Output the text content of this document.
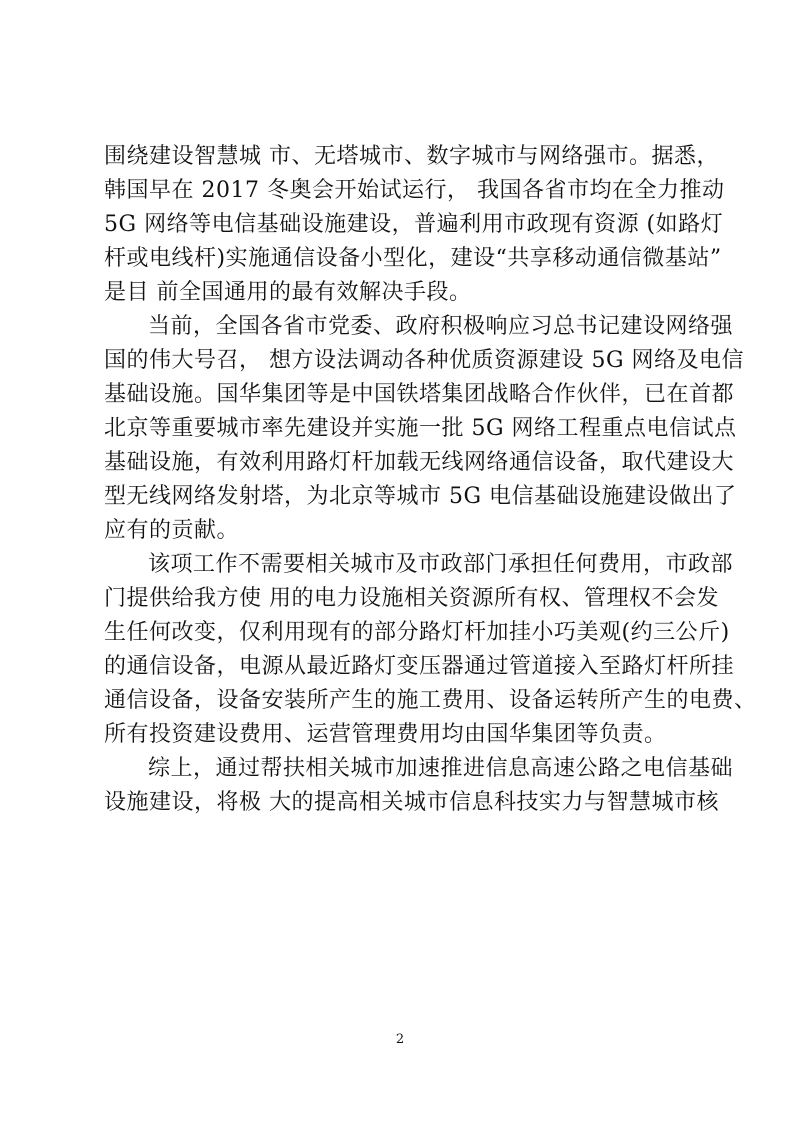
围绕建设智慧城 市、无塔城市、数字城市与网络强市。据悉，
韩国早在 2017 冬奥会开始试运行， 我国各省市均在全力推动
5G 网络等电信基础设施建设，普遍利用市政现有资源 (如路灯
杆或电线杆)实施通信设备小型化，建设“共享移动通信微基站”
是目 前全国通用的最有效解决手段。
当前，全国各省市党委、政府积极响应习总书记建设网络强
国的伟大号召， 想方设法调动各种优质资源建设 5G 网络及电信
基础设施。国华集团等是中国铁塔集团战略合作伙伴，已在首都
北京等重要城市率先建设并实施一批 5G 网络工程重点电信试点
基础设施，有效利用路灯杆加载无线网络通信设备，取代建设大
型无线网络发射塔，为北京等城市 5G 电信基础设施建设做出了
应有的贡献。
该项工作不需要相关城市及市政部门承担任何费用，市政部
门提供给我方使 用的电力设施相关资源所有权、管理权不会发
生任何改变，仅利用现有的部分路灯杆加挂小巧美观(约三公斤)
的通信设备，电源从最近路灯变压器通过管道接入至路灯杆所挂
通信设备，设备安装所产生的施工费用、设备运转所产生的电费、
所有投资建设费用、运营管理费用均由国华集团等负责。
综上，通过帮扶相关城市加速推进信息高速公路之电信基础
设施建设，将极 大的提高相关城市信息科技实力与智慧城市核
2
